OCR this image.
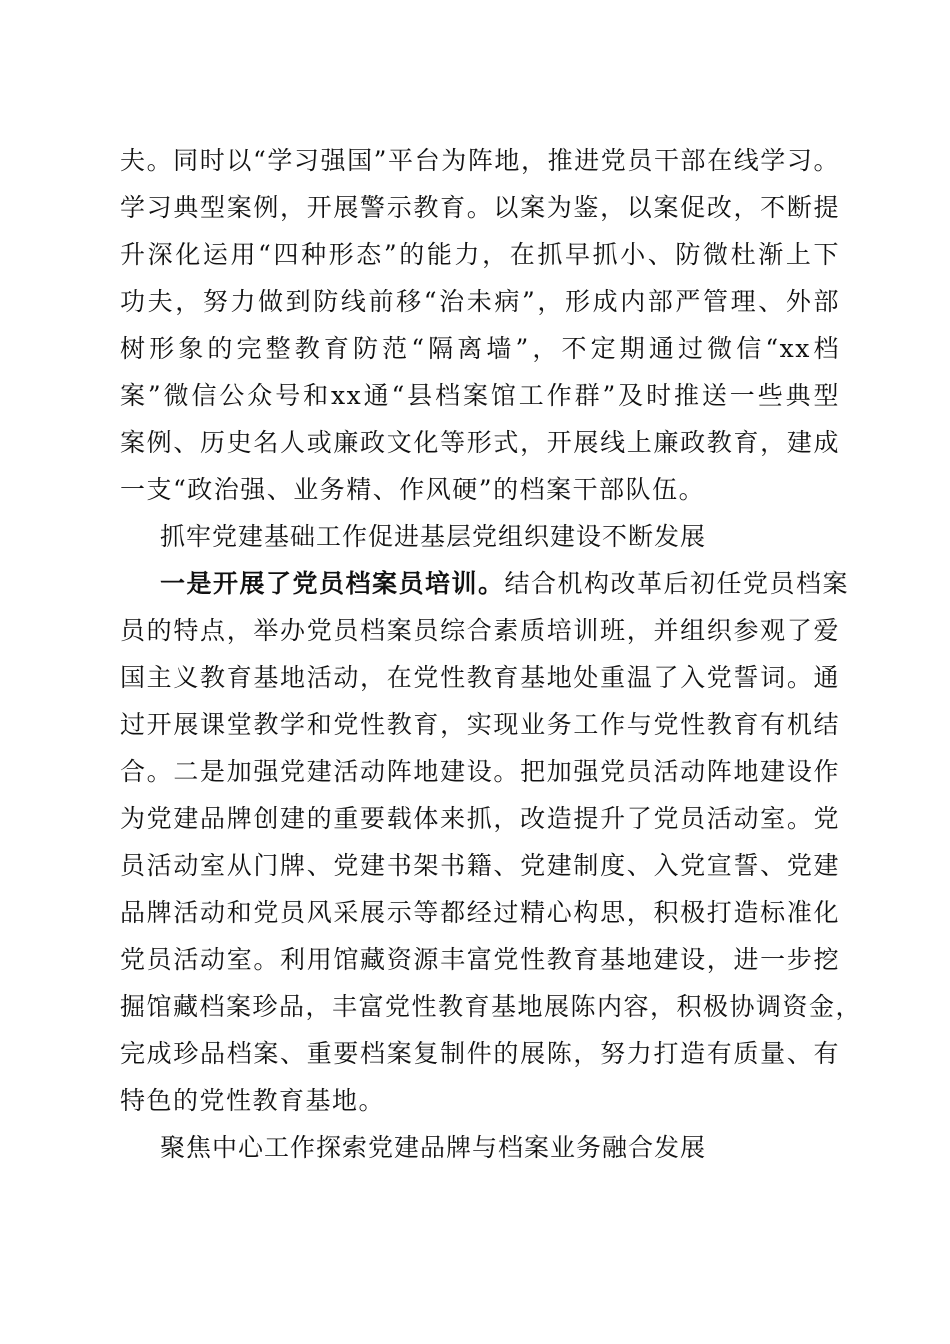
夫。同时以“学习强国”平台为阵地，推进党员干部在线学习。
学习典型案例，开展警示教育。以案为鉴，以案促改，不断提
升深化运用“四种形态”的能力，在抓早抓小、防微杜渐上下
功夫，努力做到防线前移“治未病”，形成内部严管理、外部
树形象的完整教育防范“隔离墙”，不定期通过微信“xx档
案”微信公众号和xx通“县档案馆工作群”及时推送一些典型
案例、历史名人或廉政文化等形式，开展线上廉政教育，建成
一支“政治强、业务精、作风硬”的档案干部队伍。
抓牢党建基础工作促进基层党组织建设不断发展
一是开展了党员档案员培训。结合机构改革后初任党员档案
员的特点，举办党员档案员综合素质培训班，并组织参观了爱
国主义教育基地活动，在党性教育基地处重温了入党誓词。通
过开展课堂教学和党性教育，实现业务工作与党性教育有机结
合。二是加强党建活动阵地建设。把加强党员活动阵地建设作
为党建品牌创建的重要载体来抓，改造提升了党员活动室。党
员活动室从门牌、党建书架书籍、党建制度、入党宣誓、党建
品牌活动和党员风采展示等都经过精心构思，积极打造标准化
党员活动室。利用馆藏资源丰富党性教育基地建设，进一步挖
掘馆藏档案珍品，丰富党性教育基地展陈内容，积极协调资金，
完成珍品档案、重要档案复制件的展陈，努力打造有质量、有
特色的党性教育基地。
聚焦中心工作探索党建品牌与档案业务融合发展
